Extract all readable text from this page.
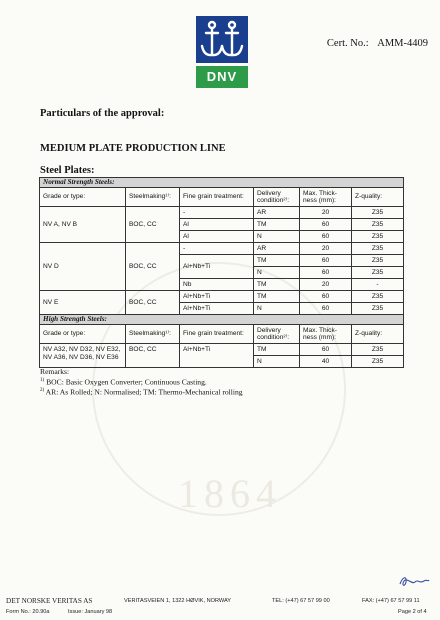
1864
DNV
Cert. No.: AMM-4409
Particulars of the approval:
MEDIUM PLATE PRODUCTION LINE
Steel Plates:
Normal Strength Steels:					
Grade or type:	Steelmaking¹⁾:	Fine grain treatment:	Delivery condition²⁾:	Max. Thick-ness (mm):	Z-quality:
NV A, NV B	BOC, CC	-	AR	20	Z35
		Al	TM	60	Z35
		Al	N	60	Z35
NV D	BOC, CC	-	AR	20	Z35
		Al+Nb+Ti	TM	60	Z35
			N	60	Z35
		Nb	TM	20	-
NV E	BOC, CC	Al+Nb+Ti	TM	60	Z35
		Al+Nb+Ti	N	60	Z35
High Strength Steels:					
Grade or type:	Steelmaking¹⁾:	Fine grain treatment:	Delivery condition²⁾:	Max. Thick-ness (mm):	Z-quality:
NV A32, NV D32, NV E32, NV A36, NV D36, NV E36	BOC, CC	Al+Nb+Ti	TM	60	Z35
			N	40	Z35
Remarks:
$^{1)}$ BOC: Basic Oxygen Converter; Continuous Casting.
$^{2)}$ AR: As Rolled; N: Normalised; TM: Thermo-Mechanical rolling
DET NORSKE VERITAS AS	VERITASVEIEN 1, 1322 HØVIK, NORWAY	TEL: (+47) 67 57 99 00	FAX: (+47) 67 57 99 11
Form No.: 20.90a	Issue: January 98	Page 2 of 4
